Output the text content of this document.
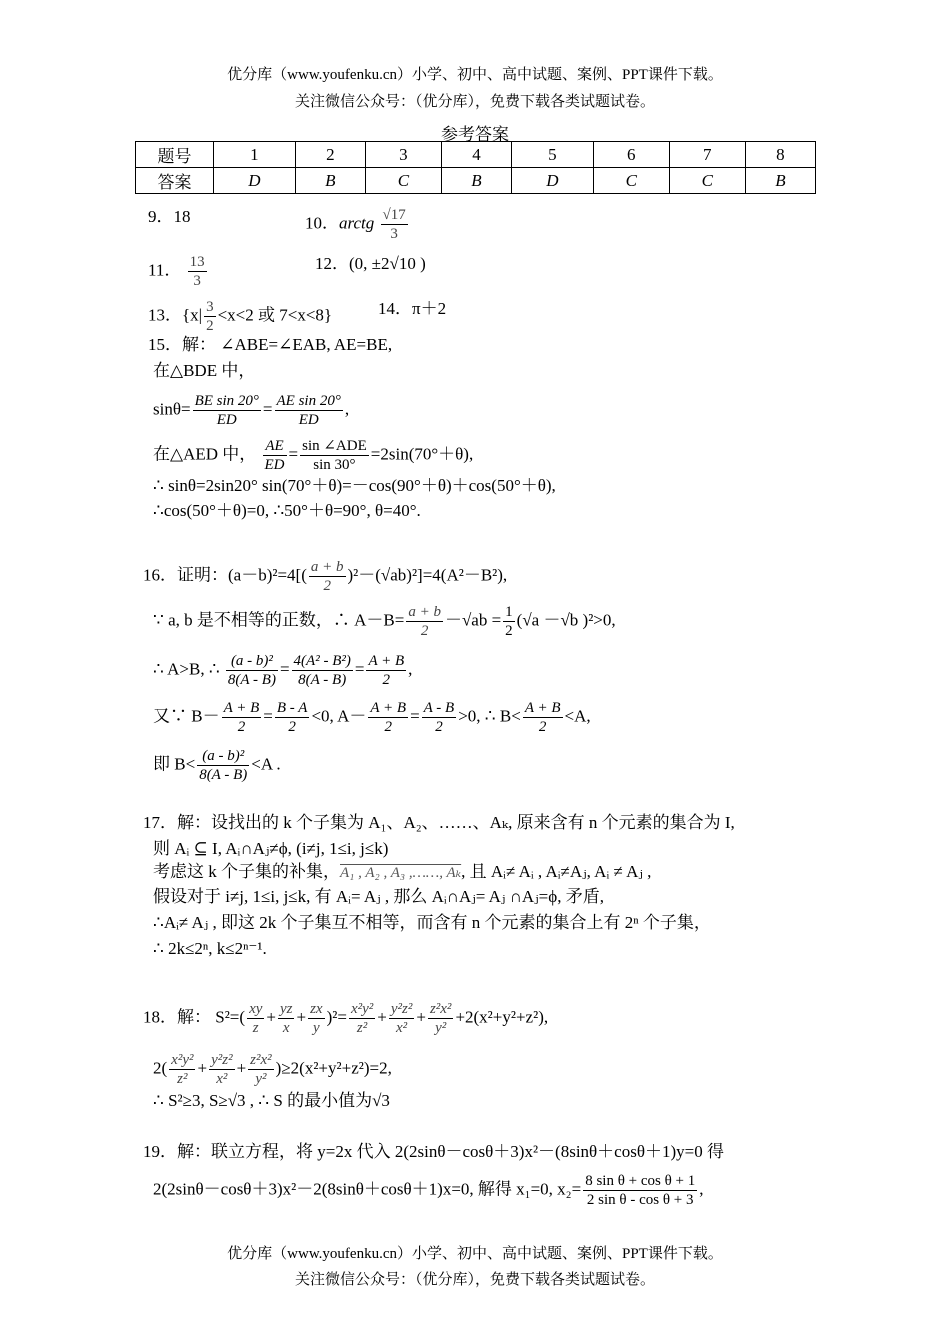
优分库（www.youfenku.cn）小学、初中、高中试题、案例、PPT课件下载。
关注微信公众号：（优分库），免费下载各类试题试卷。
参考答案
题号	1	2	3	4	5	6	7	8
答案	D	B	C	B	D	C	C	B
9．18	10．arctg $\frac{√17}{3}$
11． $\frac{13}{3}$	12．(0, ±2√10 )
13．{$x| \frac{3}{2} <x<2$ 或 7<x<8}	14．π＋2
15．解： ∠ABE=∠EAB, AE=BE,
在△BDE 中，
$\sin\theta= \frac{\text{BE sin 20°}}{ED} = \frac{\text{AE sin 20°}}{ED}$ ,
在△AED 中， $\frac{AE}{ED} = \sin$ ∠ADE
sin 30°
=2sin(70°＋θ),
∴ sinθ=2sin20° sin(70°＋θ)=－cos(90°＋θ)＋cos(50°＋θ),
∴cos(50°＋θ)=0, ∴50°＋θ=90°, θ=40°.
16．证明：$(a-b)^2=4[( \frac{a + b}{2} )^2-(√ab)^2]=4(A^2-B^2)$,
∵ a, b 是不相等的正数，∴ $A-B= \frac{a + b}{2} -√ab = \frac{1}{2} (√a -√b$ )²>0,
∴ A>B, ∴ $\frac{\text{(a - b)²}}{8(A - B)} = \frac{\text{4(A² - B²)}}{8(A - B)} = \frac{A + B}{2}$ ,
又∵ $B- \frac{A + B}{2} = \frac{B - A}{2} <0$, $A- \frac{A + B}{2} = \frac{A - B}{2} >0$, ∴ $B< \frac{A + B}{2} <A$,
即 $B< \frac{\text{(a - b)²}}{8(A - B)} <A$ .
17．解：设找出的 k 个子集为 A₁、A₂、……、Aₖ, 原来含有 n 个元素的集合为 I,
则 Aᵢ ⊆ I, Aᵢ∩Aⱼ≠ϕ, (i≠j, 1≤i, j≤k)
考虑这 k 个子集的补集，A₁ , A₂ , A₃ ,……, Aₖ, 且 Aᵢ≠ Aᵢ , Aᵢ≠Aⱼ, Aᵢ ≠ Aⱼ ,
假设对于 i≠j, 1≤i, j≤k, 有 Aᵢ= Aⱼ , 那么 Aᵢ∩Aⱼ= Aⱼ ∩Aⱼ=ϕ, 矛盾,
∴Aᵢ≠ Aⱼ , 即这 2k 个子集互不相等，而含有 n 个元素的集合上有 2ⁿ 个子集，
∴ 2k≤2ⁿ, k≤2ⁿ⁻¹.
18．解： $S^2=( \frac{xy}{z} + \frac{yz}{x} + \frac{zx}{y} )^2= \frac{\text{x²y²}}{\text{z²}} + \frac{\text{y²z²}}{\text{x²}} + \frac{\text{z²x²}}{\text{y²}} +2(x^2+y^2+z^2)$,
$2( \frac{\text{x²y²}}{\text{z²}} + \frac{\text{y²z²}}{\text{x²}} + \frac{\text{z²x²}}{\text{y²}} )\ge 2(x^2+y^2+z^2)=2$,
∴ S²≥3, S≥√3 , ∴ S 的最小值为√3
19．解：联立方程，将 y=2x 代入 2(2sinθ－cosθ＋3)x²－(8sinθ＋cosθ＋1)y=0 得
2(2sinθ－cosθ＋3)x²－2(8sinθ＋cosθ＋1)x=0, 解得 x₁=0, $x_2= \frac{\text{8 sin θ + cos θ + 1}}{\text{2 sin θ - cos θ + 3}}$ ,
优分库（www.youfenku.cn）小学、初中、高中试题、案例、PPT课件下载。
关注微信公众号：（优分库），免费下载各类试题试卷。
